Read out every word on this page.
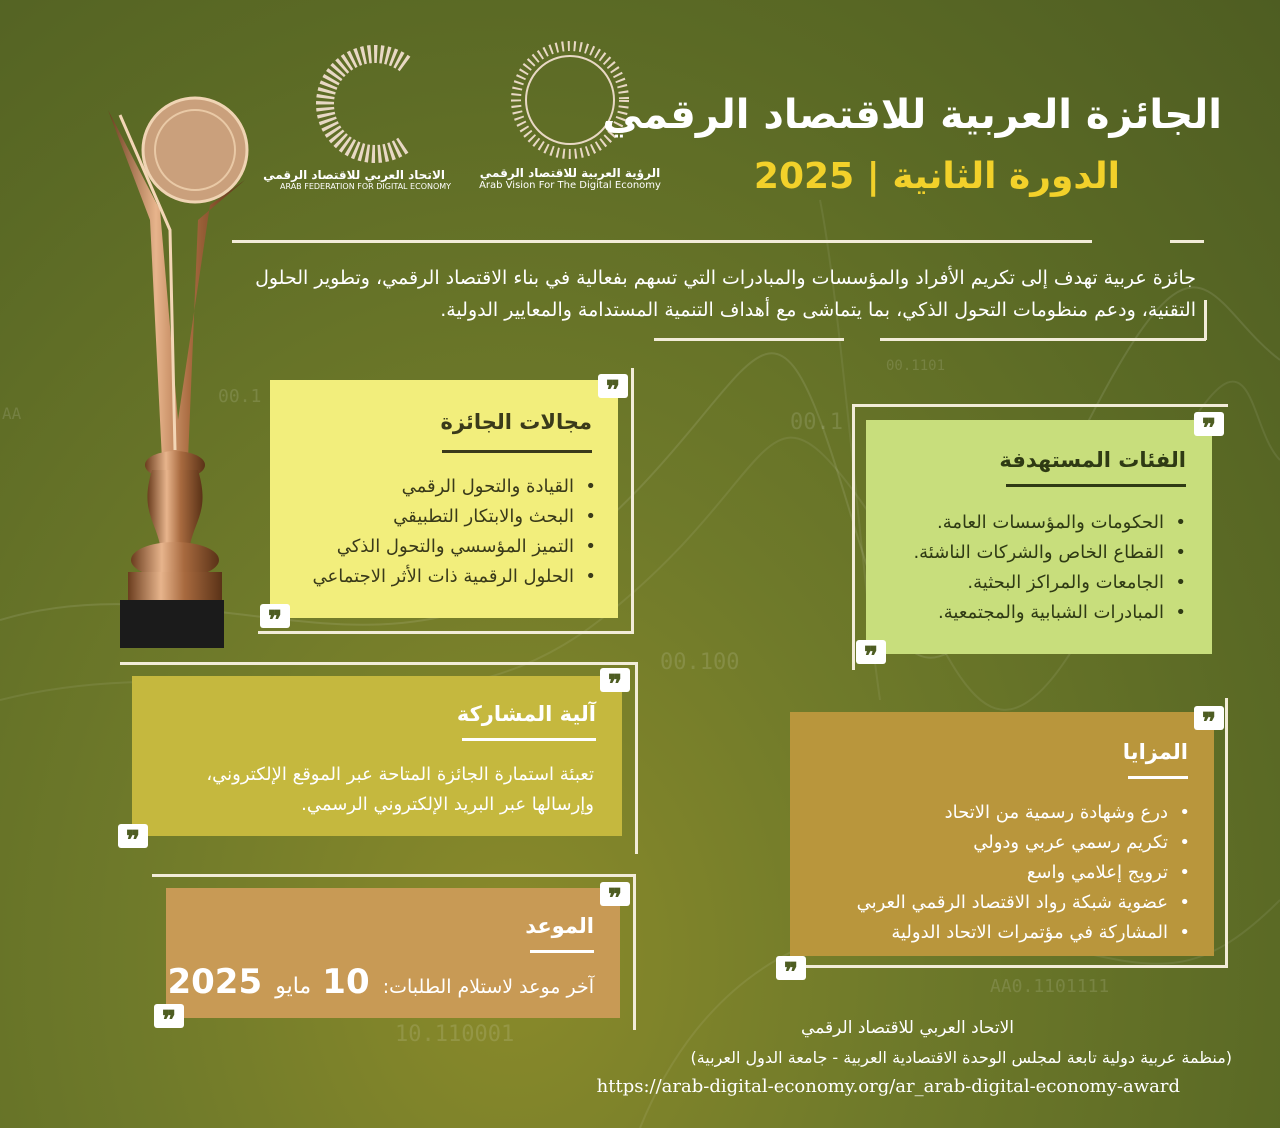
00.1
00.100
AA0.1101111
10.110001
00.1101
00.1
AA
الاتحاد العربي للاقتصاد الرقمي
ARAB FEDERATION FOR DIGITAL ECONOMY
الرؤية العربية للاقتصاد الرقمي
Arab Vision For The Digital Economy
الجائزة العربية للاقتصاد الرقمي
الدورة الثانية | 2025
جائزة عربية تهدف إلى تكريم الأفراد والمؤسسات والمبادرات التي تسهم بفعالية في بناء الاقتصاد الرقمي، وتطوير الحلول التقنية، ودعم منظومات التحول الذكي، بما يتماشى مع أهداف التنمية المستدامة والمعايير الدولية.
مجالات الجائزة
• القيادة والتحول الرقمي
• البحث والابتكار التطبيقي
• التميز المؤسسي والتحول الذكي
• الحلول الرقمية ذات الأثر الاجتماعي
❞
❞
الفئات المستهدفة
• الحكومات والمؤسسات العامة.
• القطاع الخاص والشركات الناشئة.
• الجامعات والمراكز البحثية.
• المبادرات الشبابية والمجتمعية.
❞
❞
آلية المشاركة

تعبئة استمارة الجائزة المتاحة عبر الموقع الإلكتروني، وإرسالها عبر البريد الإلكتروني الرسمي.

❞
❞
المزايا
• درع وشهادة رسمية من الاتحاد
• تكريم رسمي عربي ودولي
• ترويج إعلامي واسع
• عضوية شبكة رواد الاقتصاد الرقمي العربي
• المشاركة في مؤتمرات الاتحاد الدولية
❞
❞
الموعد
آخر موعد لاستلام الطلبات: 10 مايو 2025
❞
❞	الاتحاد العربي للاقتصاد الرقمي
(منظمة عربية دولية تابعة لمجلس الوحدة الاقتصادية العربية - جامعة الدول العربية)
https://arab-digital-economy.org/ar_arab-digital-economy-award
